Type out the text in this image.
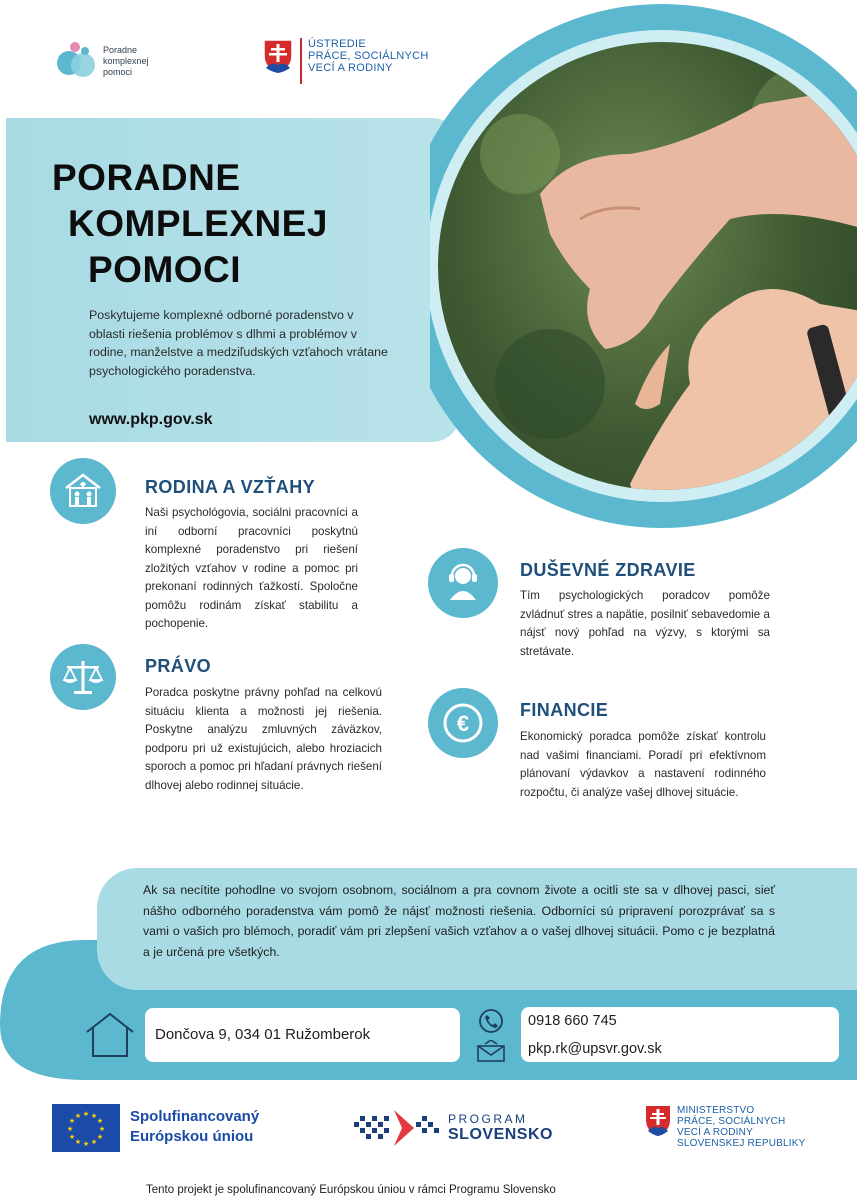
Poradne
komplexnej
pomoci
ÚSTREDIE
PRÁCE, SOCIÁLNYCH
VECÍ A RODINY
PORADNE
KOMPLEXNEJ
POMOCI
Poskytujeme komplexné odborné poradenstvo v oblasti riešenia problémov s dlhmi a problémov v rodine, manželstve a medziľudských vzťahoch vrátane psychologického poradenstva.
www.pkp.gov.sk
RODINA A VZŤAHY
Naši psychológovia, sociálni pracovníci a iní odborní pracovníci poskytnú komplexné poradenstvo pri riešení zložitých vzťahov v rodine a pomoc pri prekonaní rodinných ťažkostí. Spoločne pomôžu rodinám získať stabilitu a pochopenie.
PRÁVO
Poradca poskytne právny pohľad na celkovú situáciu klienta a možnosti jej riešenia. Poskytne analýzu zmluvných záväzkov, podporu pri už existujúcich, alebo hroziacich sporoch a pomoc pri hľadaní právnych riešení dlhovej alebo rodinnej situácie.
DUŠEVNÉ ZDRAVIE
Tím psychologických poradcov pomôže zvládnuť stres a napätie, posilniť sebavedomie a nájsť nový pohľad na výzvy, s ktorými sa stretávate.
€
FINANCIE
Ekonomický poradca pomôže získať kontrolu nad vašimi financiami. Poradí pri efektívnom plánovaní výdavkov a nastavení rodinného rozpočtu, či analýze vašej dlhovej situácie.
Ak sa necítite pohodlne vo svojom osobnom, sociálnom a pra covnom živote a ocitli ste sa v dlhovej pasci, sieť nášho odborného poradenstva vám pomô že nájsť možnosti riešenia. Odborníci sú pripravení porozprávať sa s vami o vašich pro blémoch, poradiť vám pri zlepšení vašich vzťahov a o vašej dlhovej situácii. Pomo c je bezplatná a je určená pre všetkých.
Dončova 9, 034 01 Ružomberok
0918 660 745
pkp.rk@upsvr.gov.sk
★ ★
★
★
★
★
★
★
★
★
★
★	Spolufinancovaný
Európskou úniou
PROGRAM
SLOVENSKO
MINISTERSTVO
PRÁCE, SOCIÁLNYCH
VECÍ A RODINY
SLOVENSKEJ REPUBLIKY
Tento projekt je spolufinancovaný Európskou úniou v rámci Programu Slovensko
